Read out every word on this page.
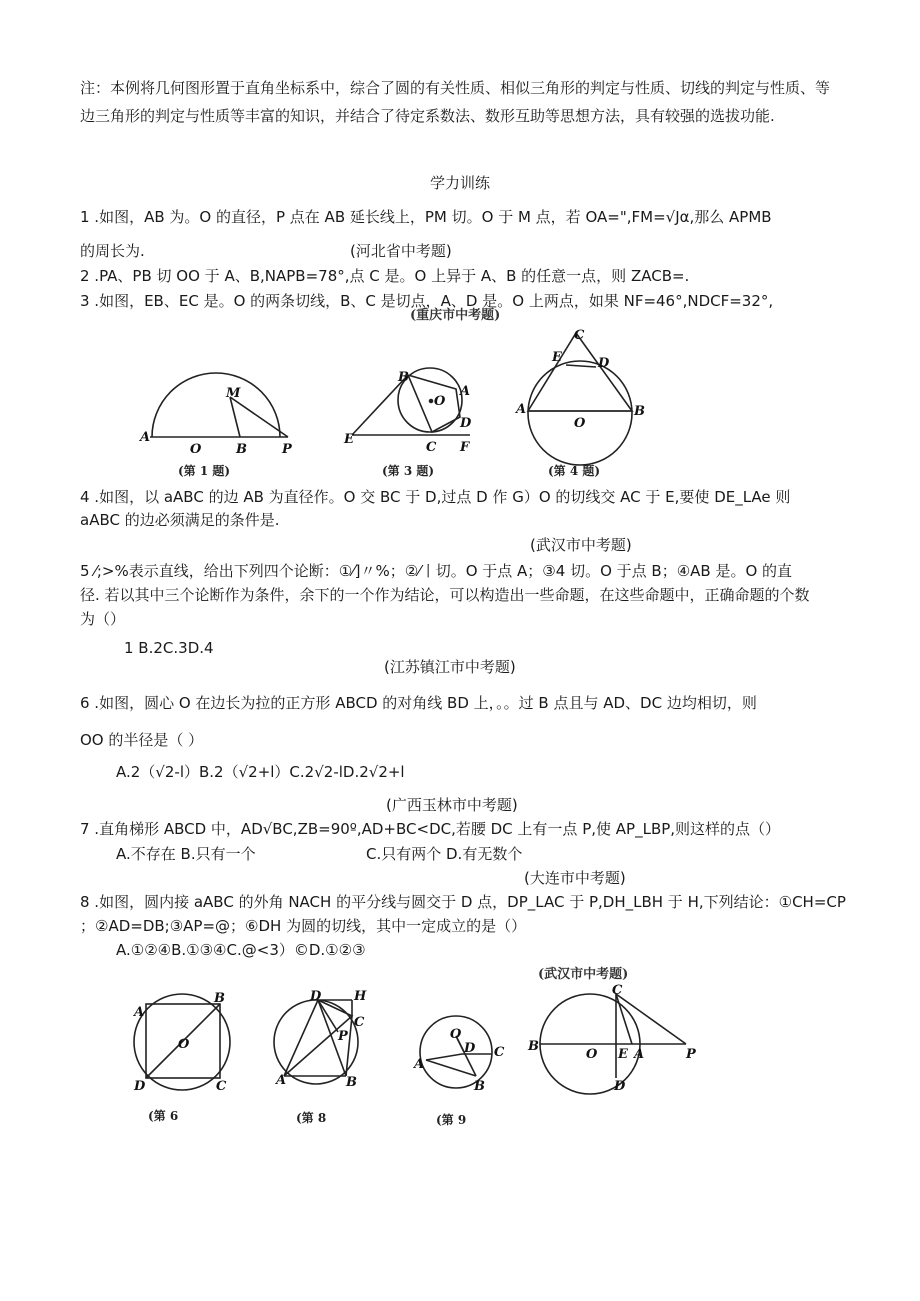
注：本例将几何图形置于直角坐标系中，综合了圆的有关性质、相似三角形的判定与性质、切线的判定与性质、等边三角形的判定与性质等丰富的知识，并结合了待定系数法、数形互助等思想方法，具有较强的选拔功能.
学力训练
1 .如图，AB 为。O 的直径，P 点在 AB 延长线上，PM 切。O 于 M 点，若 OA=",FM=√Jα,那么 APMB
的周长为.	(河北省中考题)
2 .PA、PB 切 OO 于 A、B,NAPB=78°,点 C 是。O 上异于 A、B 的任意一点，则 ZACB=.
3 .如图，EB、EC 是。O 的两条切线，B、C 是切点，A、D 是。O 上两点，如果 NF=46°,NDCF=32°,
(重庆市中考题)
A
O	B	P
M
(第 1 题)
B
A
O
D
E
C F
(第 3 题)
C
E	D
A	B
O
(第 4 题)
4 .如图，以 aABC 的边 AB 为直径作。O 交 BC 于 D,过点 D 作 G）O 的切线交 AC 于 E,要使 DE_LAe 则
aABC 的边必须满足的条件是.
(武汉市中考题)
5 ⁄;>%表示直线，给出下列四个论断：①⁄]〃%；②⁄丨切。O 于点 A；③4 切。O 于点 B；④AB 是。O 的直
径. 若以其中三个论断作为条件，余下的一个作为结论，可以构造出一些命题，在这些命题中，正确命题的个数
为（）
1 B.2C.3D.4
(江苏镇江市中考题)
6 .如图，圆心 O 在边长为拉的正方形 ABCD 的对角线 BD 上，。。过 B 点且与 AD、DC 边均相切，则
OO 的半径是（ ）
A.2（√2-l）B.2（√2+l）C.2√2-lD.2√2+l
(广西玉林市中考题)
7 .直角梯形 ABCD 中，AD√BC,ZB=90º,AD+BC<DC,若腰 DC 上有一点 P,使 AP_LBP,则这样的点（）
A.不存在 B.只有一个	C.只有两个 D.有无数个
(大连市中考题)
8 .如图，圆内接 aABC 的外角 NACH 的平分线与圆交于 D 点，DP_LAC 于 P,DH_LBH 于 H,下列结论：①CH=CP
；②AD=DB;③AP=@；⑥DH 为圆的切线，其中一定成立的是（）
A.①②④B.①③④C.@<3）©D.①②③
(武汉市中考题)
A
B
O
D	C
(第 6
D	H
C
P
A	B
(第 8
O
D C
A
B
(第 9
C
B
O E A	P
D
